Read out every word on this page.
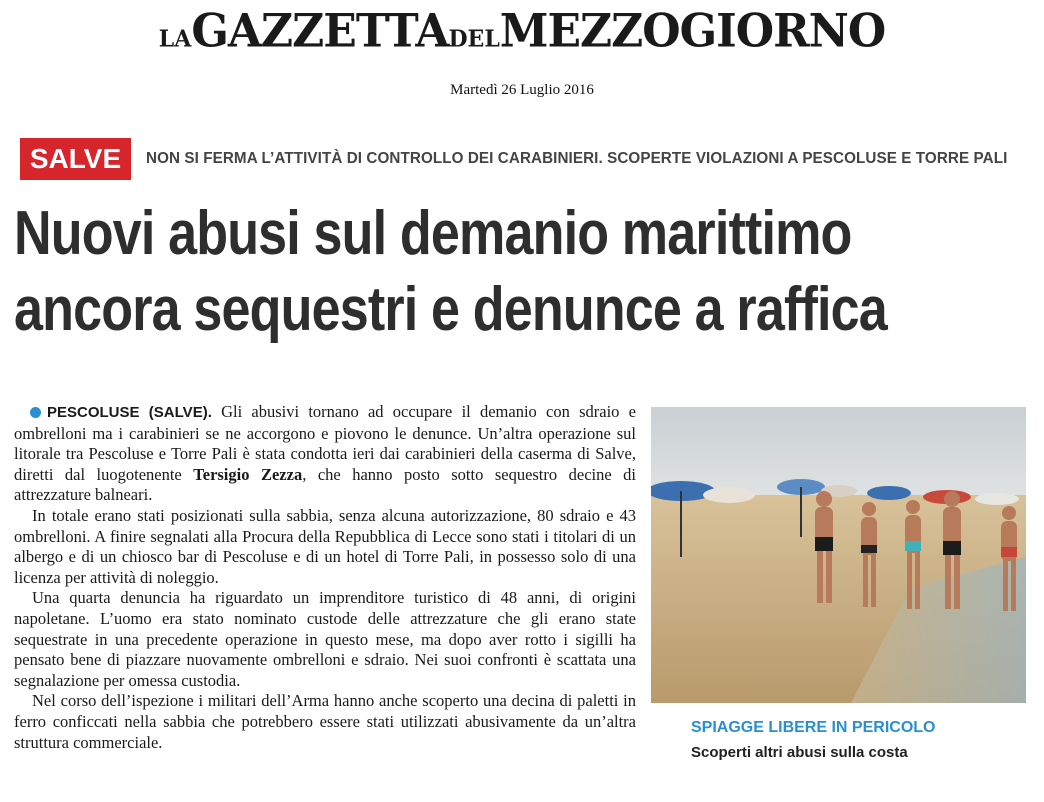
LAGAZZETTADELMEZZOGIORNO
Martedì 26 Luglio 2016
SALVE	NON SI FERMA L’ATTIVITÀ DI CONTROLLO DEI CARABINIERI. SCOPERTE VIOLAZIONI A PESCOLUSE E TORRE PALI
Nuovi abusi sul demanio marittimo
ancora sequestri e denunce a raffica

PESCOLUSE (SALVE). Gli abusivi tornano ad occupare il demanio con sdraio e ombrelloni ma i carabinieri se ne accorgono e piovono le denunce. Un’altra operazione sul litorale tra Pescoluse e Torre Pali è stata condotta ieri dai carabinieri della caserma di Salve, diretti dal luogotenente Tersigio Zezza, che hanno posto sotto sequestro decine di attrezzature balneari.

In totale erano stati posizionati sulla sabbia, senza alcuna autorizzazione, 80 sdraio e 43 ombrelloni. A finire segnalati alla Procura della Repubblica di Lecce sono stati i titolari di un albergo e di un chiosco bar di Pescoluse e di un hotel di Torre Pali, in possesso solo di una licenza per attività di noleggio.

Una quarta denuncia ha riguardato un imprenditore turistico di 48 anni, di origini napoletane. L’uomo era stato nominato custode delle attrezzature che gli erano state sequestrate in una precedente operazione in questo mese, ma dopo aver rotto i sigilli ha pensato bene di piazzare nuovamente ombrelloni e sdraio. Nei suoi confronti è scattata una segnalazione per omessa custodia.

Nel corso dell’ispezione i militari dell’Arma hanno anche scoperto una decina di paletti in ferro conficcati nella sabbia che potrebbero essere stati utilizzati abusivamente da un’altra struttura commerciale.

SPIAGGE LIBERE IN PERICOLO
Scoperti altri abusi sulla costa
